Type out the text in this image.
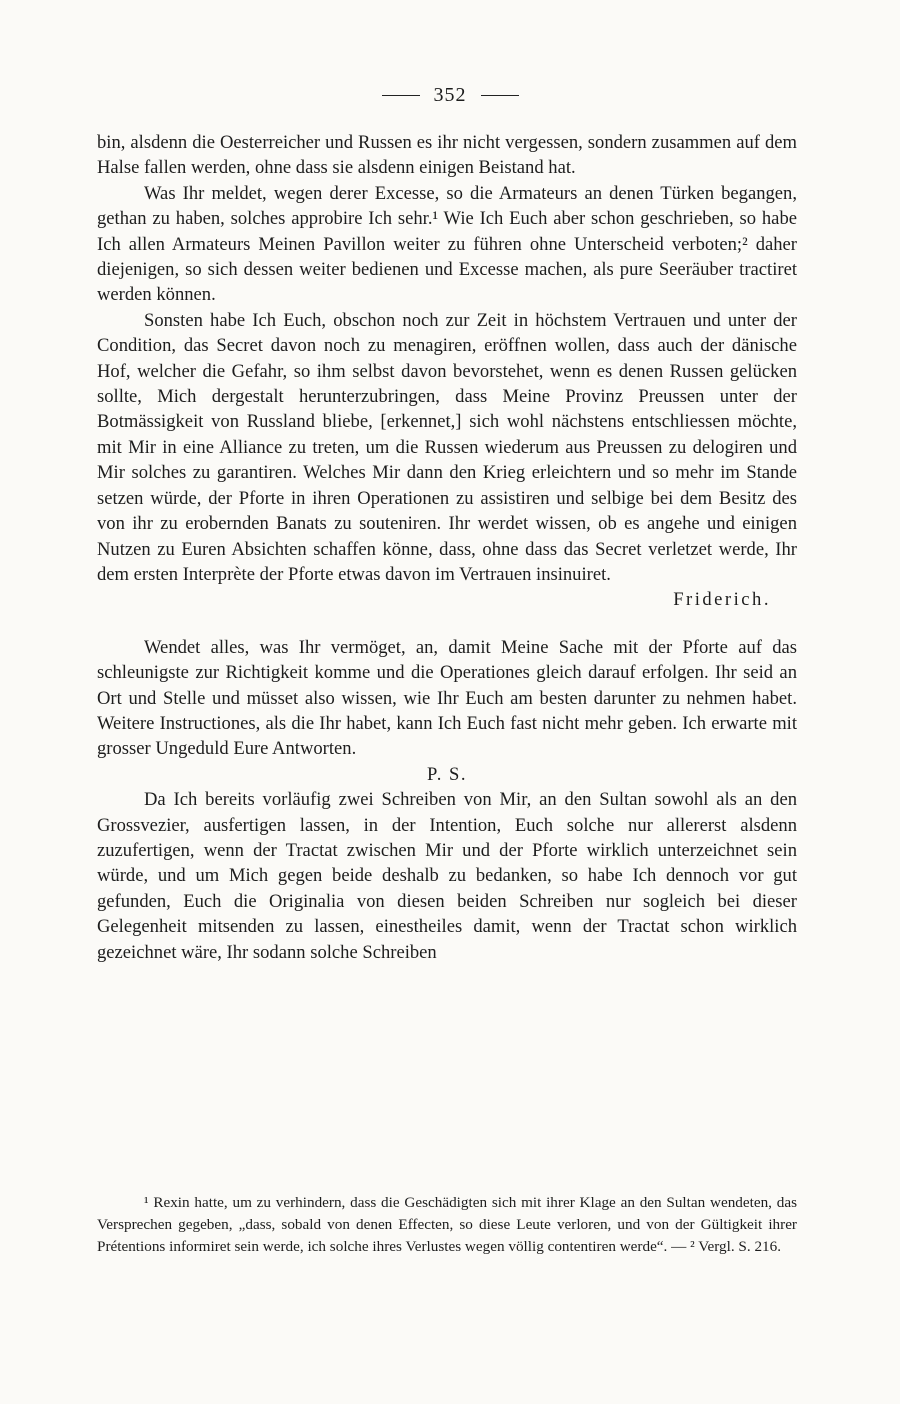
352

bin, alsdenn die Oesterreicher und Russen es ihr nicht vergessen, sondern zusammen auf dem Halse fallen werden, ohne dass sie alsdenn einigen Beistand hat.

Was Ihr meldet, wegen derer Excesse, so die Armateurs an denen Türken begangen, gethan zu haben, solches approbire Ich sehr.¹ Wie Ich Euch aber schon geschrieben, so habe Ich allen Armateurs Meinen Pavillon weiter zu führen ohne Unterscheid verboten;² daher diejenigen, so sich dessen weiter bedienen und Excesse machen, als pure Seeräuber tractiret werden können.

Sonsten habe Ich Euch, obschon noch zur Zeit in höchstem Vertrauen und unter der Condition, das Secret davon noch zu menagiren, eröffnen wollen, dass auch der dänische Hof, welcher die Gefahr, so ihm selbst davon bevorstehet, wenn es denen Russen gelücken sollte, Mich dergestalt herunterzubringen, dass Meine Provinz Preussen unter der Botmässigkeit von Russland bliebe, [erkennet,] sich wohl nächstens entschliessen möchte, mit Mir in eine Alliance zu treten, um die Russen wiederum aus Preussen zu delogiren und Mir solches zu garantiren. Welches Mir dann den Krieg erleichtern und so mehr im Stande setzen würde, der Pforte in ihren Operationen zu assistiren und selbige bei dem Besitz des von ihr zu erobernden Banats zu souteniren. Ihr werdet wissen, ob es angehe und einigen Nutzen zu Euren Absichten schaffen könne, dass, ohne dass das Secret verletzet werde, Ihr dem ersten Interprète der Pforte etwas davon im Vertrauen insinuiret.

Friderich.

Wendet alles, was Ihr vermöget, an, damit Meine Sache mit der Pforte auf das schleunigste zur Richtigkeit komme und die Operationes gleich darauf erfolgen. Ihr seid an Ort und Stelle und müsset also wissen, wie Ihr Euch am besten darunter zu nehmen habet. Weitere Instructiones, als die Ihr habet, kann Ich Euch fast nicht mehr geben. Ich erwarte mit grosser Ungeduld Eure Antworten.

P. S.

Da Ich bereits vorläufig zwei Schreiben von Mir, an den Sultan sowohl als an den Grossvezier, ausfertigen lassen, in der Intention, Euch solche nur allererst alsdenn zuzufertigen, wenn der Tractat zwischen Mir und der Pforte wirklich unterzeichnet sein würde, und um Mich gegen beide deshalb zu bedanken, so habe Ich dennoch vor gut gefunden, Euch die Originalia von diesen beiden Schreiben nur sogleich bei dieser Gelegenheit mitsenden zu lassen, einestheiles damit, wenn der Tractat schon wirklich gezeichnet wäre, Ihr sodann solche Schreiben

¹ Rexin hatte, um zu verhindern, dass die Geschädigten sich mit ihrer Klage an den Sultan wendeten, das Versprechen gegeben, „dass, sobald von denen Effecten, so diese Leute verloren, und von der Gültigkeit ihrer Prétentions informiret sein werde, ich solche ihres Verlustes wegen völlig contentiren werde“. — ² Vergl. S. 216.
